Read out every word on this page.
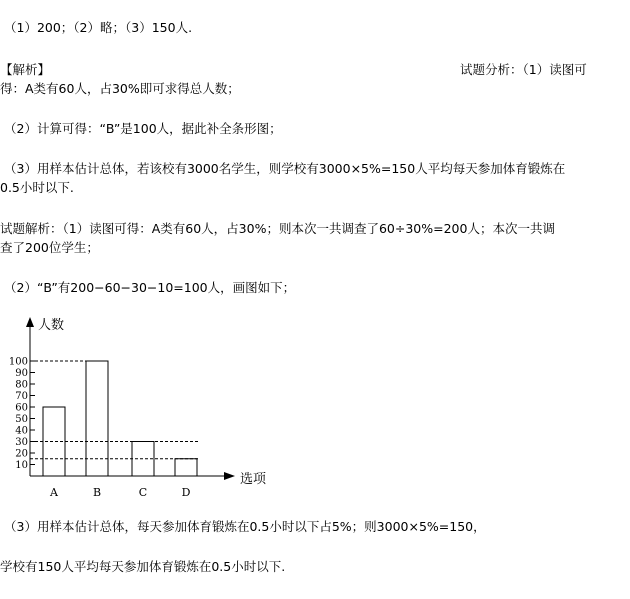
（1）200；（2）略；（3）150人.
【解析】	试题分析：（1）读图可
得：A类有60人，占30%即可求得总人数；
（2）计算可得：“B”是100人，据此补全条形图；
（3）用样本估计总体，若该校有3000名学生，则学校有3000×5%=150人平均每天参加体育锻炼在
0.5小时以下.
试题解析：（1）读图可得：A类有60人，占30%；则本次一共调查了60÷30%=200人；本次一共调
查了200位学生；
（2）“B”有200−60−30−10=100人，画图如下；
人数
选项
10
20
30
40
50
60
70
80
90
100
A	B	C	D
（3）用样本估计总体，每天参加体育锻炼在0.5小时以下占5%；则3000×5%=150，
学校有150人平均每天参加体育锻炼在0.5小时以下.
